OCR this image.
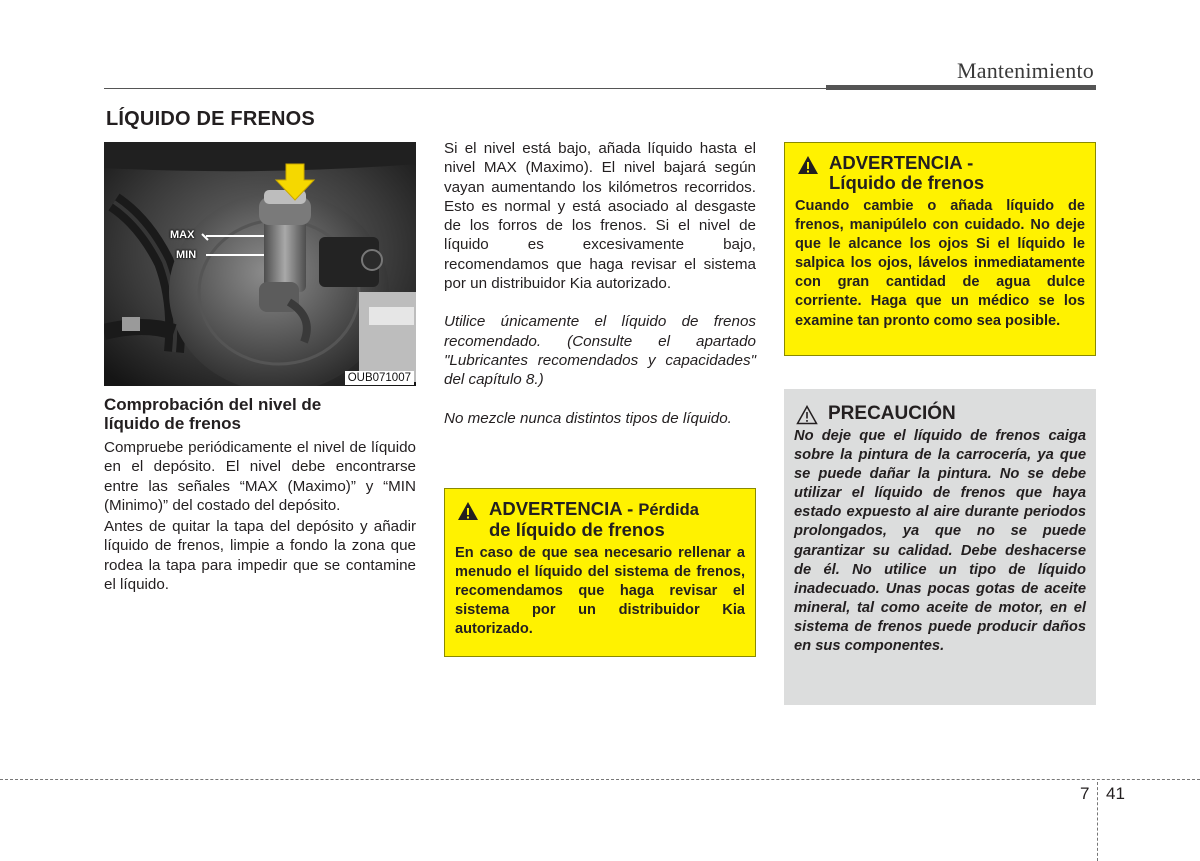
Mantenimiento
LÍQUIDO DE FRENOS
MAX
MIN
OUB071007
Comprobación del nivel de
líquido de frenos

Compruebe periódicamente el nivel de líquido en el depósito. El nivel debe encontrarse entre las señales “MAX (Maximo)” y “MIN (Minimo)” del costado del depósito.

Antes de quitar la tapa del depósito y añadir líquido de frenos, limpie a fondo la zona que rodea la tapa para impedir que se contamine el líquido.

Si el nivel está bajo, añada líquido hasta el nivel MAX (Maximo). El nivel bajará según vayan aumentando los kilómetros recorridos. Esto es normal y está asociado al desgaste de los forros de los frenos. Si el nivel de líquido es excesivamente bajo, recomendamos que haga revisar el sistema por un distribuidor Kia autorizado.

Utilice únicamente el líquido de frenos recomendado. (Consulte el apartado "Lubricantes recomendados y capacidades" del capítulo 8.)

No mezcle nunca distintos tipos de líquido.

ADVERTENCIA - Pérdida
de líquido de frenos
En caso de que sea necesario rellenar a menudo el líquido del sistema de frenos, recomendamos que haga revisar el sistema por un distribuidor Kia autorizado.
ADVERTENCIA -
Líquido de frenos
Cuando cambie o añada líquido de frenos, manipúlelo con cuidado. No deje que le alcance los ojos Si el líquido le salpica los ojos, lávelos inmediatamente con gran cantidad de agua dulce corriente. Haga que un médico se los examine tan pronto como sea posible.
PRECAUCIÓN
No deje que el líquido de frenos caiga sobre la pintura de la carrocería, ya que se puede dañar la pintura. No se debe utilizar el líquido de frenos que haya estado expuesto al aire durante periodos prolongados, ya que no se puede garantizar su calidad. Debe deshacerse de él. No utilice un tipo de líquido inadecuado. Unas pocas gotas de aceite mineral, tal como aceite de motor, en el sistema de frenos puede producir daños en sus componentes.
7 41
